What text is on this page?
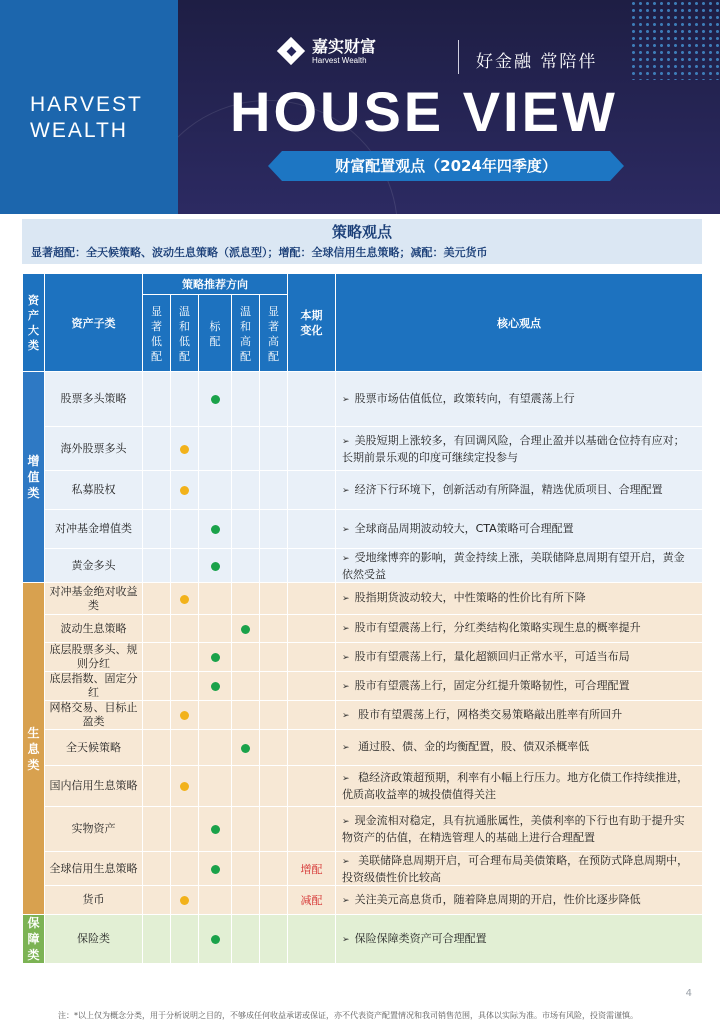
HARVEST
WEALTH
嘉实财富
Harvest Wealth	好金融 常陪伴
HOUSE VIEW
财富配置观点（2024年四季度）
策略观点
显著超配：全天候策略、波动生息策略（派息型）；增配：全球信用生息策略；减配：美元货币
资产大类	资产子类	策略推荐方向					本期变化	核心观点

		显著低配	温和低配	标配	温和高配	显著高配		

增值类	股票多头策略							➢ 股票市场估值低位，政策转向，有望震荡上行
	海外股票多头							➢ 美股短期上涨较多，有回调风险，合理止盈并以基础仓位持有应对；长期前景乐观的印度可继续定投参与
	私募股权							➢ 经济下行环境下，创新活动有所降温，精选优质项目、合理配置
	对冲基金增值类							➢ 全球商品周期波动较大，CTA策略可合理配置
	黄金多头							➢ 受地缘博弈的影响，黄金持续上涨，美联储降息周期有望开启，黄金依然受益

生息类	对冲基金绝对收益类							➢ 股指期货波动较大，中性策略的性价比有所下降
	波动生息策略							➢ 股市有望震荡上行，分红类结构化策略实现生息的概率提升
	底层股票多头、规则分红							➢ 股市有望震荡上行，量化超额回归正常水平，可适当布局
	底层指数、固定分红							➢ 股市有望震荡上行，固定分红提升策略韧性，可合理配置
	网格交易、目标止盈类							➢ 股市有望震荡上行，网格类交易策略敲出胜率有所回升
	全天候策略							➢ 通过股、债、金的均衡配置，股、债双杀概率低
	国内信用生息策略							➢ 稳经济政策超预期，利率有小幅上行压力。地方化债工作持续推进，优质高收益率的城投债值得关注
	实物资产							➢ 现金流相对稳定，具有抗通胀属性，美债利率的下行也有助于提升实物资产的估值，在精选管理人的基础上进行合理配置
	全球信用生息策略						增配	➢ 美联储降息周期开启，可合理布局美债策略，在预防式降息周期中，投资级债性价比较高
	货币						减配	➢ 关注美元高息货币，随着降息周期的开启，性价比逐步降低

保障类	保险类							➢ 保险保障类资产可合理配置
4
注：*以上仅为概念分类，用于分析说明之目的，不够成任何收益承诺或保证，亦不代表资产配置情况和我司销售范围，具体以实际为准。市场有风险，投资需谨慎。
